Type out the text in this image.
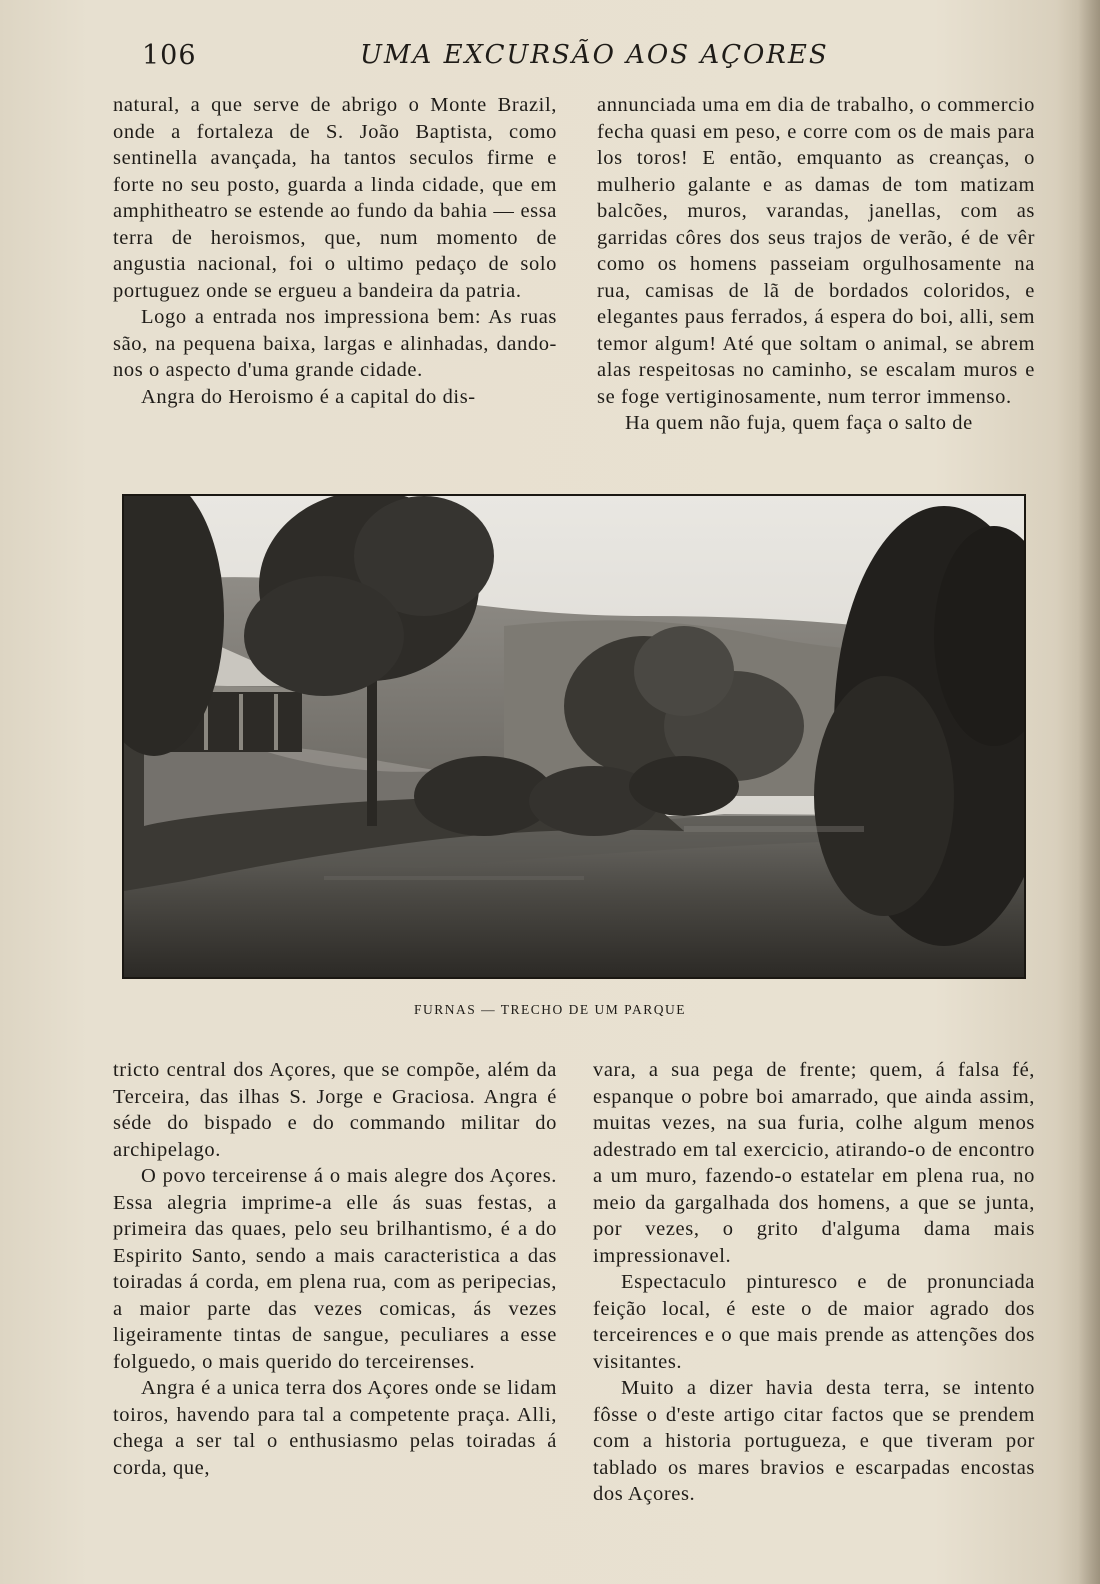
106	UMA EXCURSÃO AOS AÇORES

natural, a que serve de abrigo o Monte Brazil, onde a fortaleza de S. João Baptista, como sentinella avançada, ha tantos seculos firme e forte no seu posto, guarda a linda cidade, que em amphitheatro se estende ao fundo da bahia — essa terra de heroismos, que, num momento de angustia nacional, foi o ultimo pedaço de solo portuguez onde se ergueu a bandeira da patria.

Logo a entrada nos impressiona bem: As ruas são, na pequena baixa, largas e alinhadas, dando-nos o aspecto d'uma grande cidade.

Angra do Heroismo é a capital do dis-

annunciada uma em dia de trabalho, o commercio fecha quasi em peso, e corre com os de mais para los toros! E então, emquanto as creanças, o mulherio galante e as damas de tom matizam balcões, muros, varandas, janellas, com as garridas côres dos seus trajos de verão, é de vêr como os homens passeiam orgulhosamente na rua, camisas de lã de bordados coloridos, e elegantes paus ferrados, á espera do boi, alli, sem temor algum! Até que soltam o animal, se abrem alas respeitosas no caminho, se escalam muros e se foge vertiginosamente, num terror immenso.

Ha quem não fuja, quem faça o salto de

FURNAS — TRECHO DE UM PARQUE

tricto central dos Açores, que se compõe, além da Terceira, das ilhas S. Jorge e Graciosa. Angra é séde do bispado e do commando militar do archipelago.

O povo terceirense á o mais alegre dos Açores. Essa alegria imprime-a elle ás suas festas, a primeira das quaes, pelo seu brilhantismo, é a do Espirito Santo, sendo a mais caracteristica a das toiradas á corda, em plena rua, com as peripecias, a maior parte das vezes comicas, ás vezes ligeiramente tintas de sangue, peculiares a esse folguedo, o mais querido do terceirenses.

Angra é a unica terra dos Açores onde se lidam toiros, havendo para tal a competente praça. Alli, chega a ser tal o enthusiasmo pelas toiradas á corda, que,

vara, a sua pega de frente; quem, á falsa fé, espanque o pobre boi amarrado, que ainda assim, muitas vezes, na sua furia, colhe algum menos adestrado em tal exercicio, atirando-o de encontro a um muro, fazendo-o estatelar em plena rua, no meio da gargalhada dos homens, a que se junta, por vezes, o grito d'alguma dama mais impressionavel.

Espectaculo pinturesco e de pronunciada feição local, é este o de maior agrado dos terceirences e o que mais prende as attenções dos visitantes.

Muito a dizer havia desta terra, se intento fôsse o d'este artigo citar factos que se prendem com a historia portugueza, e que tiveram por tablado os mares bravios e escarpadas encostas dos Açores.
